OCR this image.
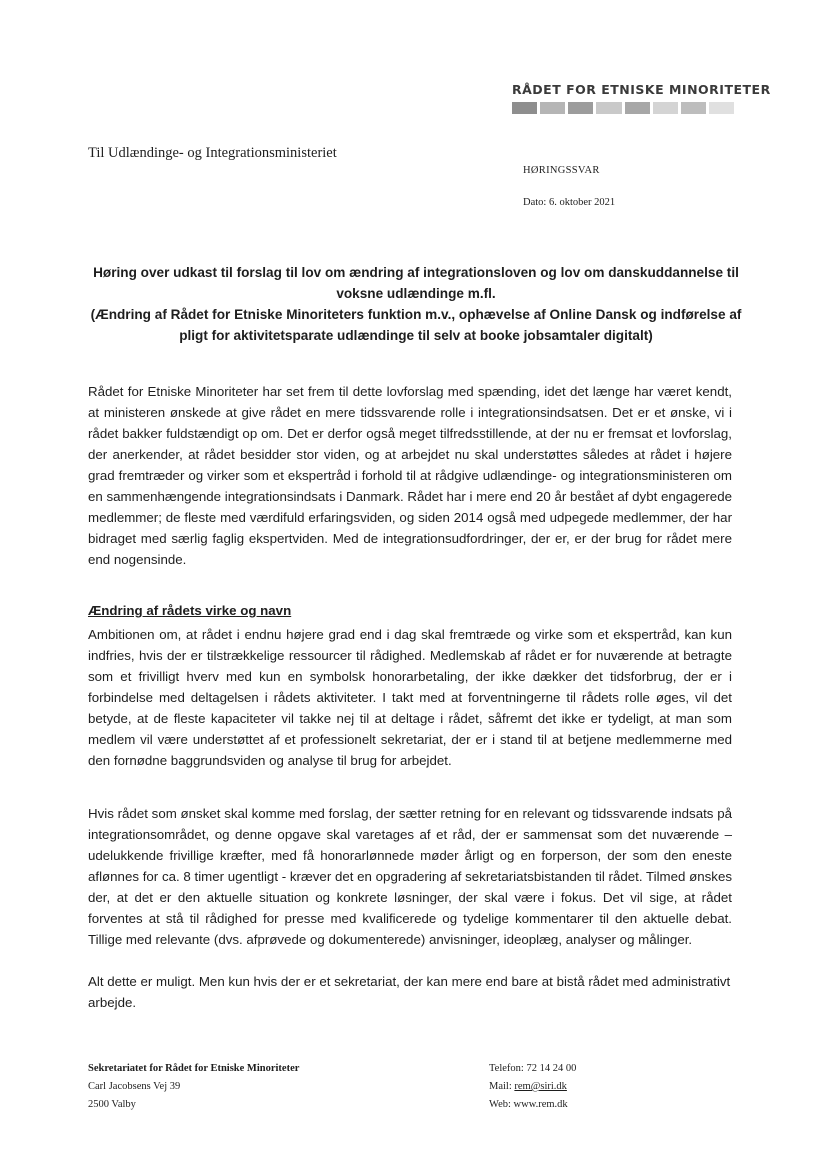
RÅDET FOR ETNISKE MINORITETER
Til Udlændinge- og Integrationsministeriet
HØRINGSSVAR
Dato: 6. oktober 2021
Høring over udkast til forslag til lov om ændring af integrationsloven og lov om danskuddannelse til voksne udlændinge m.fl.
(Ændring af Rådet for Etniske Minoriteters funktion m.v., ophævelse af Online Dansk og indførelse af pligt for aktivitetsparate udlændinge til selv at booke jobsamtaler digitalt)
Rådet for Etniske Minoriteter har set frem til dette lovforslag med spænding, idet det længe har været kendt, at ministeren ønskede at give rådet en mere tidssvarende rolle i integrationsindsatsen. Det er et ønske, vi i rådet bakker fuldstændigt op om. Det er derfor også meget tilfredsstillende, at der nu er fremsat et lovforslag, der anerkender, at rådet besidder stor viden, og at arbejdet nu skal understøttes således at rådet i højere grad fremtræder og virker som et ekspertråd i forhold til at rådgive udlændinge- og integrationsministeren om en sammenhængende integrationsindsats i Danmark. Rådet har i mere end 20 år bestået af dybt engagerede medlemmer; de fleste med værdifuld erfaringsviden, og siden 2014 også med udpegede medlemmer, der har bidraget med særlig faglig ekspertviden. Med de integrationsudfordringer, der er, er der brug for rådet mere end nogensinde.
Ændring af rådets virke og navn
Ambitionen om, at rådet i endnu højere grad end i dag skal fremtræde og virke som et ekspertråd, kan kun indfries, hvis der er tilstrækkelige ressourcer til rådighed. Medlemskab af rådet er for nuværende at betragte som et frivilligt hverv med kun en symbolsk honorarbetaling, der ikke dækker det tidsforbrug, der er i forbindelse med deltagelsen i rådets aktiviteter. I takt med at forventningerne til rådets rolle øges, vil det betyde, at de fleste kapaciteter vil takke nej til at deltage i rådet, såfremt det ikke er tydeligt, at man som medlem vil være understøttet af et professionelt sekretariat, der er i stand til at betjene medlemmerne med den fornødne baggrundsviden og analyse til brug for arbejdet.
Hvis rådet som ønsket skal komme med forslag, der sætter retning for en relevant og tidssvarende indsats på integrationsområdet, og denne opgave skal varetages af et råd, der er sammensat som det nuværende – udelukkende frivillige kræfter, med få honorarlønnede møder årligt og en forperson, der som den eneste aflønnes for ca. 8 timer ugentligt - kræver det en opgradering af sekretariatsbistanden til rådet. Tilmed ønskes der, at det er den aktuelle situation og konkrete løsninger, der skal være i fokus. Det vil sige, at rådet forventes at stå til rådighed for presse med kvalificerede og tydelige kommentarer til den aktuelle debat. Tillige med relevante (dvs. afprøvede og dokumenterede) anvisninger, ideoplæg, analyser og målinger.
Alt dette er muligt. Men kun hvis der er et sekretariat, der kan mere end bare at bistå rådet med administrativt arbejde.
Sekretariatet for Rådet for Etniske Minoriteter
Carl Jacobsens Vej 39
2500 Valby
Telefon: 72 14 24 00
Mail: rem@siri.dk
Web: www.rem.dk
